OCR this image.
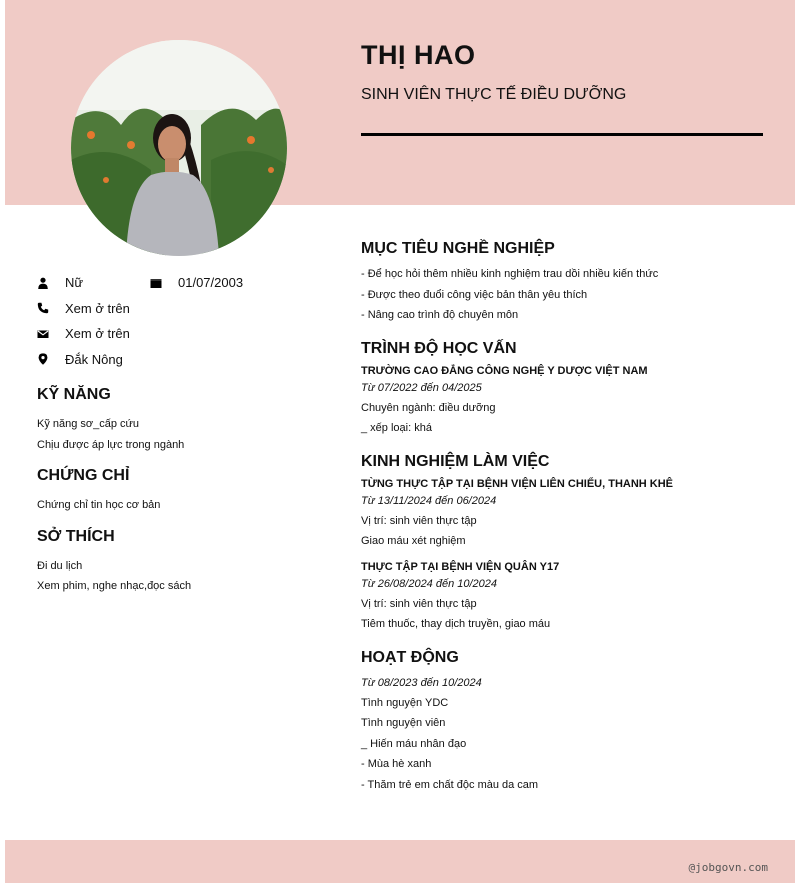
THỊ HAO
SINH VIÊN THỰC TẾ ĐIỀU DƯỠNG
Nữ	01/07/2003
Xem ở trên
Xem ở trên
Đắk Nông
KỸ NĂNG
Kỹ năng sơ_cấp cứu
Chịu được áp lực trong ngành
CHỨNG CHỈ
Chứng chỉ tin học cơ bản
SỞ THÍCH
Đi du lịch
Xem phim, nghe nhạc,đọc sách
MỤC TIÊU NGHỀ NGHIỆP
- Để học hỏi thêm nhiều kinh nghiệm trau dồi nhiều kiến thức
- Được theo đuổi công việc bản thân yêu thích
- Nâng cao trình độ chuyên môn
TRÌNH ĐỘ HỌC VẤN
TRƯỜNG CAO ĐẲNG CÔNG NGHỆ Y DƯỢC VIỆT NAM
Từ 07/2022 đến 04/2025
Chuyên ngành: điều dưỡng
_ xếp loại: khá
KINH NGHIỆM LÀM VIỆC
TỪNG THỰC TẬP TẠI BỆNH VIỆN LIÊN CHIỂU, THANH KHÊ
Từ 13/11/2024 đến 06/2024
Vị trí: sinh viên thực tập
Giao máu xét nghiệm
THỰC TẬP TẠI BỆNH VIỆN QUÂN Y17
Từ 26/08/2024 đến 10/2024
Vị trí: sinh viên thực tập
Tiêm thuốc, thay dịch truyền, giao máu
HOẠT ĐỘNG
Từ 08/2023 đến 10/2024
Tình nguyện YDC
Tình nguyện viên
_ Hiến máu nhân đạo
- Mùa hè xanh
- Thăm trẻ em chất độc màu da cam
@jobgovn.com
